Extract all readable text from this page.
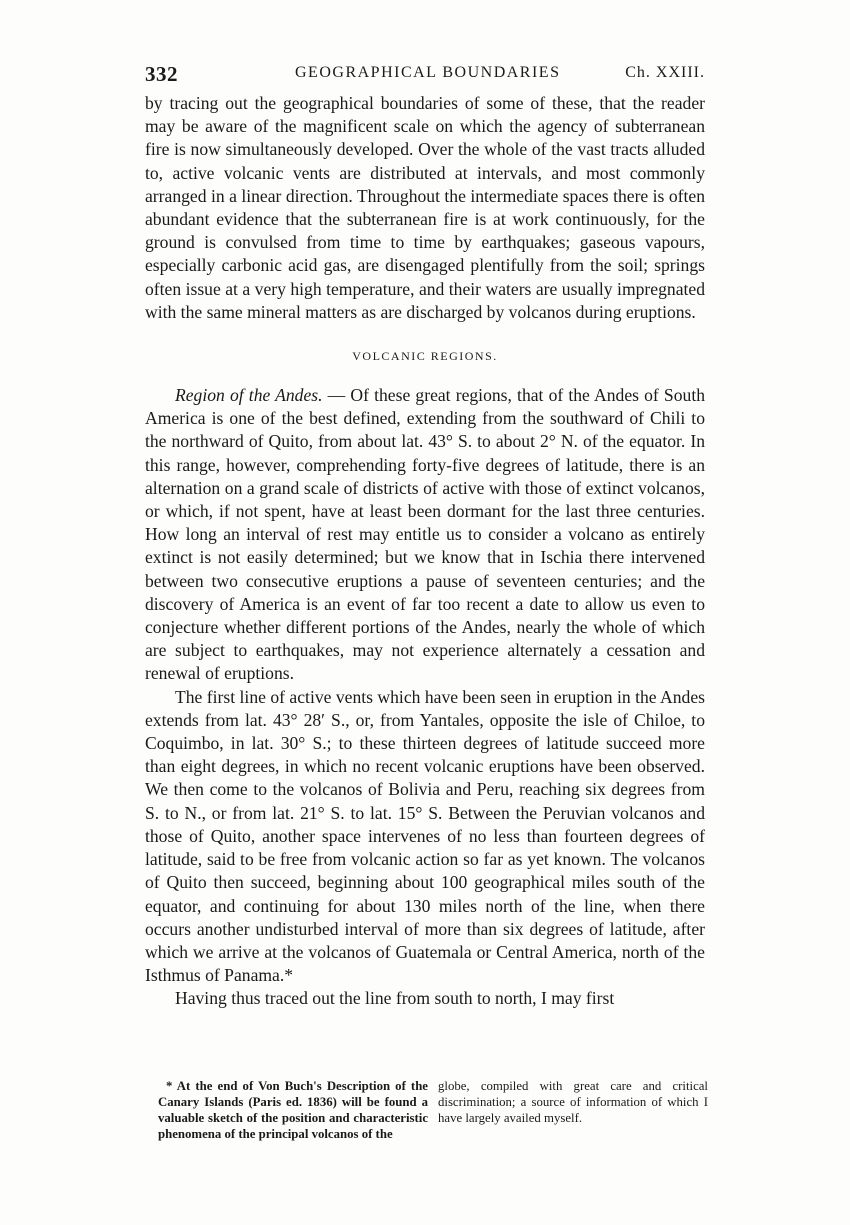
332	GEOGRAPHICAL BOUNDARIES	Ch. XXIII.

by tracing out the geographical boundaries of some of these, that the reader may be aware of the magnificent scale on which the agency of subterranean fire is now simultaneously developed. Over the whole of the vast tracts alluded to, active volcanic vents are distributed at intervals, and most commonly arranged in a linear direction. Throughout the intermediate spaces there is often abundant evidence that the subterranean fire is at work continuously, for the ground is convulsed from time to time by earthquakes; gaseous vapours, especially carbonic acid gas, are disengaged plentifully from the soil; springs often issue at a very high temperature, and their waters are usually impregnated with the same mineral matters as are discharged by volcanos during eruptions.

VOLCANIC REGIONS.

Region of the Andes. — Of these great regions, that of the Andes of South America is one of the best defined, extending from the southward of Chili to the northward of Quito, from about lat. 43° S. to about 2° N. of the equator. In this range, however, comprehending forty-five degrees of latitude, there is an alternation on a grand scale of districts of active with those of extinct volcanos, or which, if not spent, have at least been dormant for the last three centuries. How long an interval of rest may entitle us to consider a volcano as entirely extinct is not easily determined; but we know that in Ischia there intervened between two consecutive eruptions a pause of seventeen centuries; and the discovery of America is an event of far too recent a date to allow us even to conjecture whether different portions of the Andes, nearly the whole of which are subject to earthquakes, may not experience alternately a cessation and renewal of eruptions.

The first line of active vents which have been seen in eruption in the Andes extends from lat. 43° 28′ S., or, from Yantales, opposite the isle of Chiloe, to Coquimbo, in lat. 30° S.; to these thirteen degrees of latitude succeed more than eight degrees, in which no recent volcanic eruptions have been observed. We then come to the volcanos of Bolivia and Peru, reaching six degrees from S. to N., or from lat. 21° S. to lat. 15° S. Between the Peruvian volcanos and those of Quito, another space intervenes of no less than fourteen degrees of latitude, said to be free from volcanic action so far as yet known. The volcanos of Quito then succeed, beginning about 100 geographical miles south of the equator, and continuing for about 130 miles north of the line, when there occurs another undisturbed interval of more than six degrees of latitude, after which we arrive at the volcanos of Guatemala or Central America, north of the Isthmus of Panama.*

Having thus traced out the line from south to north, I may first

* At the end of Von Buch's Description of the Canary Islands (Paris ed. 1836) will be found a valuable sketch of the position and characteristic phenomena of the principal volcanos of the
globe, compiled with great care and critical discrimination; a source of information of which I have largely availed myself.
